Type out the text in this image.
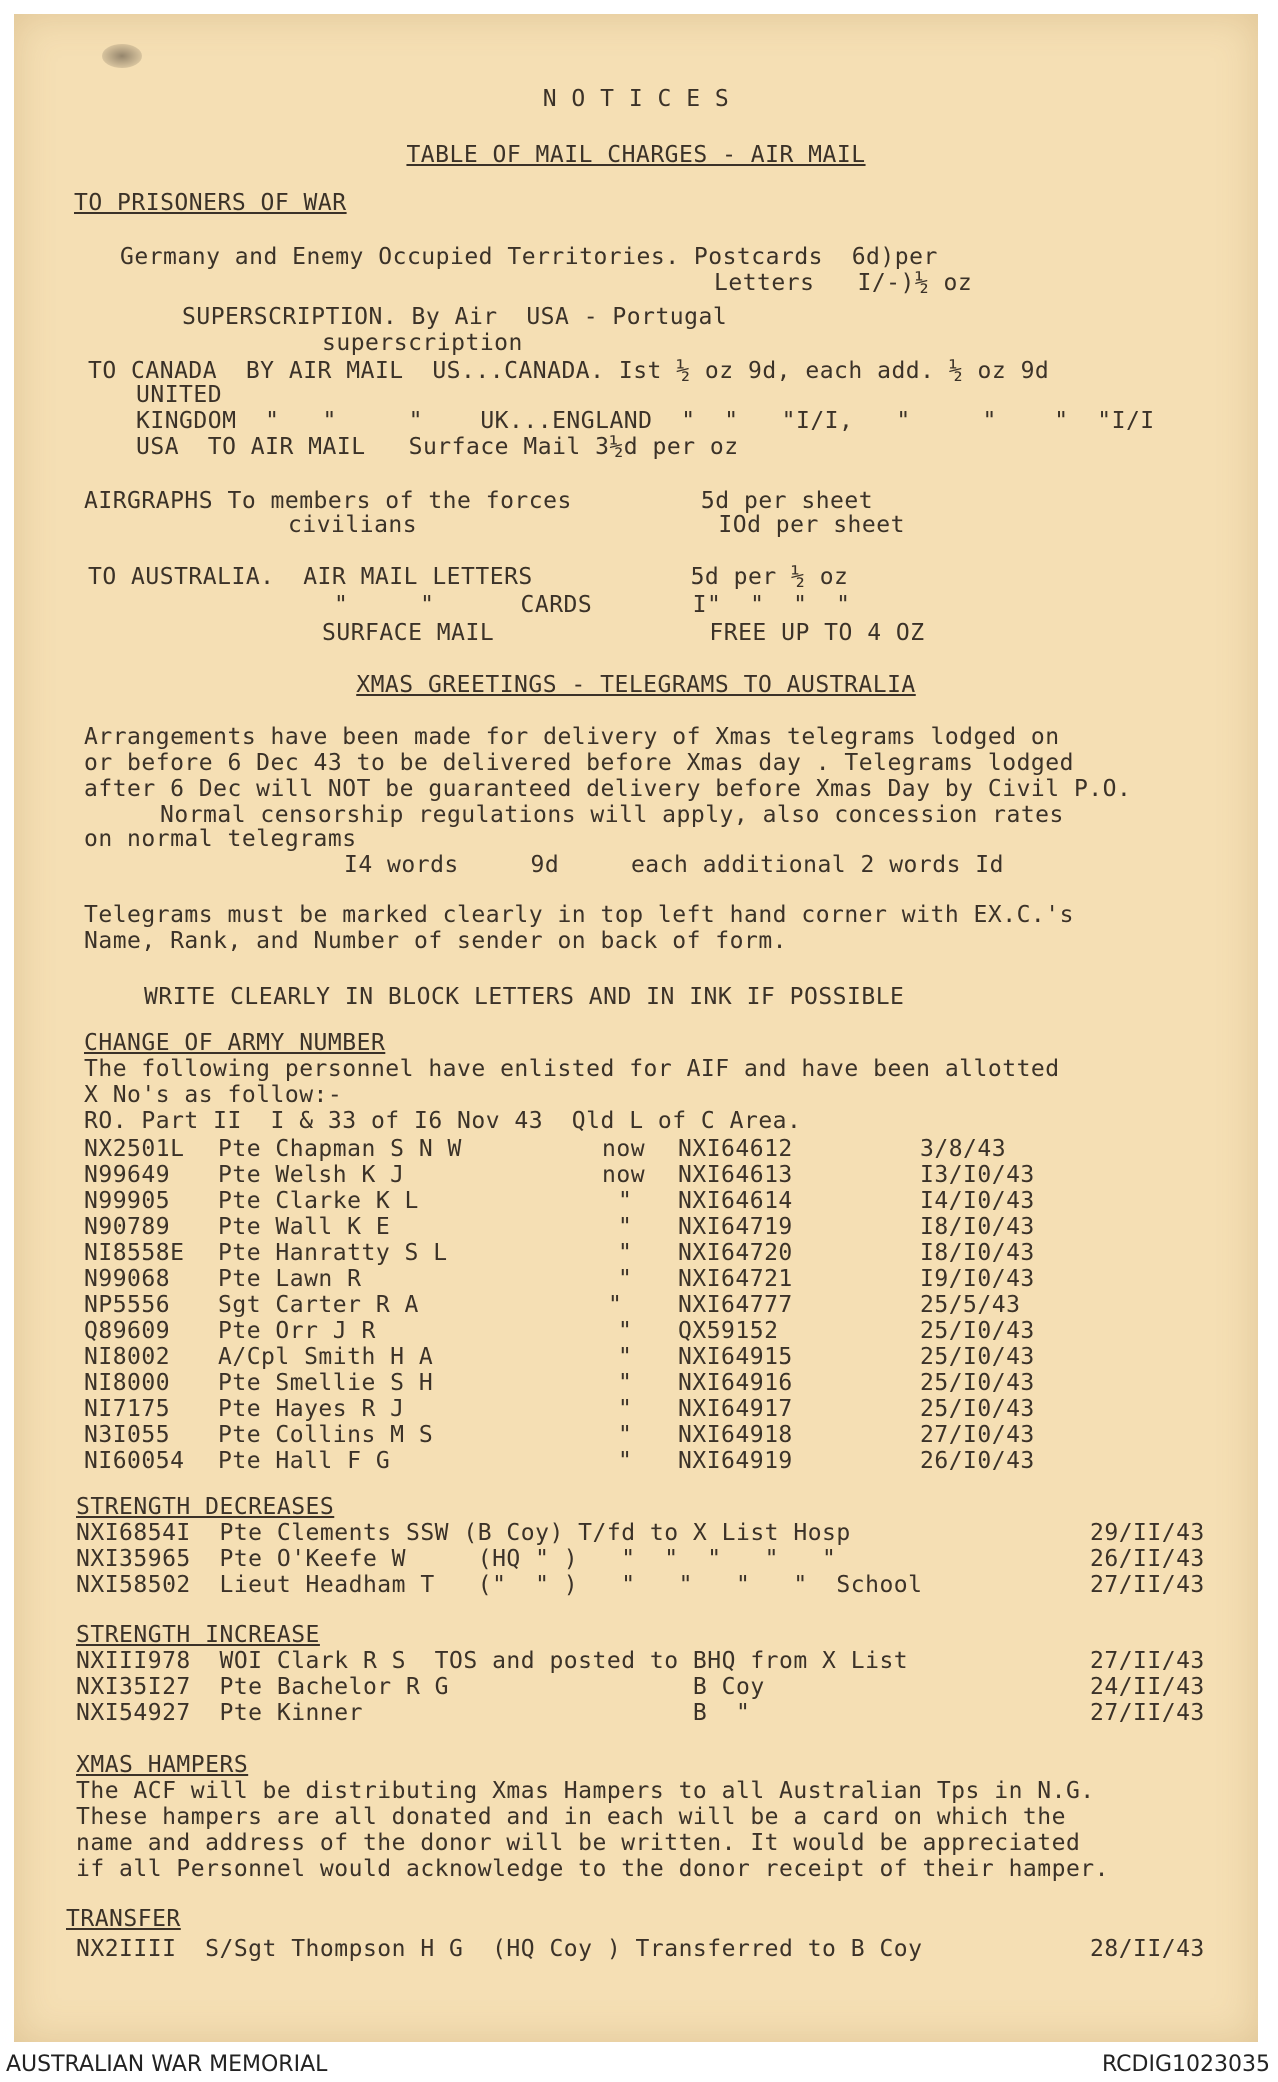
N O T I C E S
TABLE OF MAIL CHARGES - AIR MAIL
TO PRISONERS OF WAR
Germany and Enemy Occupied Territories. Postcards  6d)per
Letters   I/-)½ oz
SUPERSCRIPTION. By Air  USA - Portugal
superscription
TO CANADA  BY AIR MAIL  US...CANADA. Ist ½ oz 9d, each add. ½ oz 9d
UNITED
KINGDOM  "   "     "    UK...ENGLAND  "  "   "I/I,   "     "    "  "I/I
USA  TO AIR MAIL   Surface Mail 3½d per oz
AIRGRAPHS To members of the forces         5d per sheet
civilians                     IOd per sheet
TO AUSTRALIA.  AIR MAIL LETTERS           5d per ½ oz
"     "      CARDS       I"  "  "  "
SURFACE MAIL               FREE UP TO 4 OZ
XMAS GREETINGS - TELEGRAMS TO AUSTRALIA
Arrangements have been made for delivery of Xmas telegrams lodged on
or before 6 Dec 43 to be delivered before Xmas day . Telegrams lodged
after 6 Dec will NOT be guaranteed delivery before Xmas Day by Civil P.O.
Normal censorship regulations will apply, also concession rates
on normal telegrams
I4 words     9d     each additional 2 words Id
Telegrams must be marked clearly in top left hand corner with EX.C.'s
Name, Rank, and Number of sender on back of form.
WRITE CLEARLY IN BLOCK LETTERS AND IN INK IF POSSIBLE
CHANGE OF ARMY NUMBER
The following personnel have enlisted for AIF and have been allotted
X No's as follow:-
RO. Part II  I & 33 of I6 Nov 43  Qld L of C Area.
NX2501L Pte Chapman S N W	now NXI64612	3/8/43
N99649 Pte Welsh K J	now NXI64613	I3/I0/43
N99905 Pte Clarke K L	" NXI64614	I4/I0/43
N90789 Pte Wall K E	" NXI64719	I8/I0/43
NI8558E Pte Hanratty S L	" NXI64720	I8/I0/43
N99068 Pte Lawn R	" NXI64721	I9/I0/43
NP5556 Sgt Carter R A	" NXI64777	25/5/43
Q89609 Pte Orr J R	" QX59152	25/I0/43
NI8002 A/Cpl Smith H A	" NXI64915	25/I0/43
NI8000 Pte Smellie S H	" NXI64916	25/I0/43
NI7175 Pte Hayes R J	" NXI64917	25/I0/43
N3I055 Pte Collins M S	" NXI64918	27/I0/43
NI60054 Pte Hall F G	" NXI64919	26/I0/43
STRENGTH DECREASES
NXI6854I  Pte Clements SSW (B Coy) T/fd to X List Hosp	29/II/43
NXI35965  Pte O'Keefe W     (HQ " )   "  "  "   "   "	26/II/43
NXI58502  Lieut Headham T   ("  " )   "   "   "   "  School	27/II/43
STRENGTH INCREASE
NXIII978  WOI Clark R S  TOS and posted to BHQ from X List	27/II/43
NXI35I27  Pte Bachelor R G                 B Coy	24/II/43
NXI54927  Pte Kinner                       B  "	27/II/43
XMAS HAMPERS
The ACF will be distributing Xmas Hampers to all Australian Tps in N.G.
These hampers are all donated and in each will be a card on which the
name and address of the donor will be written. It would be appreciated
if all Personnel would acknowledge to the donor receipt of their hamper.
TRANSFER
NX2IIII  S/Sgt Thompson H G  (HQ Coy ) Transferred to B Coy	28/II/43
AUSTRALIAN WAR MEMORIAL	RCDIG1023035
